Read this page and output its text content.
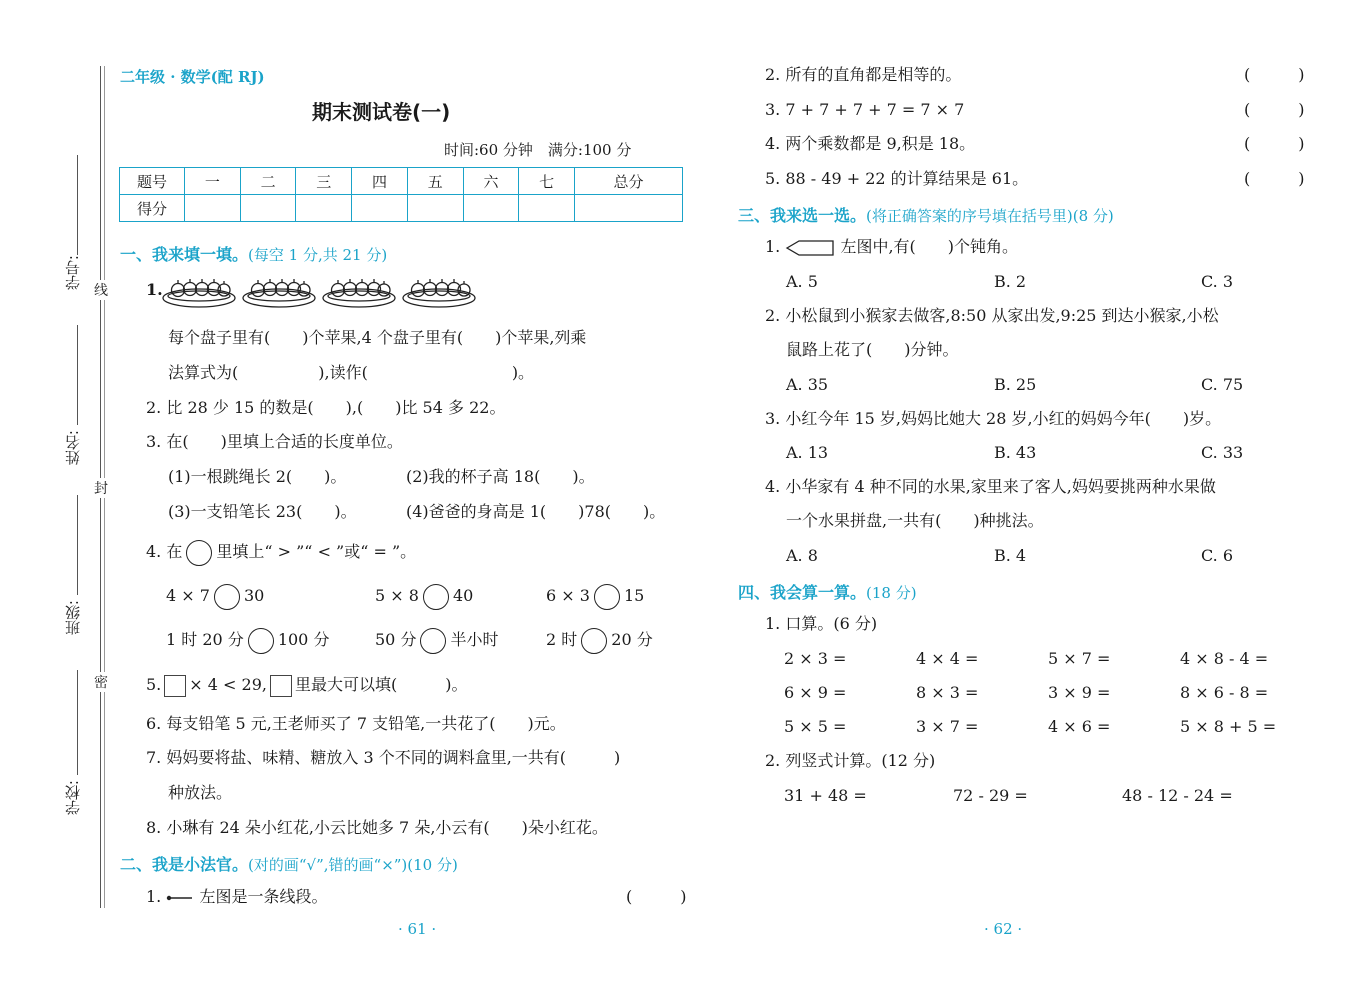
学号:
姓名:
班级:
学校:
线
封
密
二年级 · 数学(配 RJ)
期末测试卷(一)
时间:60 分钟　满分:100 分
题号	一	二	三	四	五	六	七	总分
得分								
一、我来填一填。(每空 1 分,共 21 分)
1.
每个盘子里有(　　)个苹果,4 个盘子里有(　　)个苹果,列乘
法算式为(　　　　　),读作(　　　　　　　　　)。
2. 比 28 少 15 的数是(　　),(　　)比 54 多 22。
3. 在(　　)里填上合适的长度单位。
(1)一根跳绳长 2(　　)。	(2)我的杯子高 18(　　)。
(3)一支铅笔长 23(　　)。	(4)爸爸的身高是 1(　　)78(　　)。
4. 在 里填上“ > ”“ < ”或“ = ”。
4 × 7 30	5 × 8 40	6 × 3 15
1 时 20 分 100 分	50 分 半小时	2 时 20 分
5. × 4 < 29, 里最大可以填(　　　)。
6. 每支铅笔 5 元,王老师买了 7 支铅笔,一共花了(　　)元。
7. 妈妈要将盐、味精、糖放入 3 个不同的调料盒里,一共有(　　　)
种放法。
8. 小琳有 24 朵小红花,小云比她多 7 朵,小云有(　　)朵小红花。
二、我是小法官。(对的画“√”,错的画“×”)(10 分)
1. 左图是一条线段。	(　　　)
· 61 ·
2. 所有的直角都是相等的。	(　　　)
3. 7 + 7 + 7 + 7 = 7 × 7	(　　　)
4. 两个乘数都是 9,积是 18。	(　　　)
5. 88 - 49 + 22 的计算结果是 61。	(　　　)
三、我来选一选。(将正确答案的序号填在括号里)(8 分)
1.	左图中,有(　　)个钝角。
A. 5	B. 2	C. 3
2. 小松鼠到小猴家去做客,8:50 从家出发,9:25 到达小猴家,小松
鼠路上花了(　　)分钟。
A. 35	B. 25	C. 75
3. 小红今年 15 岁,妈妈比她大 28 岁,小红的妈妈今年(　　)岁。
A. 13	B. 43	C. 33
4. 小华家有 4 种不同的水果,家里来了客人,妈妈要挑两种水果做
一个水果拼盘,一共有(　　)种挑法。
A. 8	B. 4	C. 6
四、我会算一算。(18 分)
1. 口算。(6 分)
2 × 3 =	4 × 4 =	5 × 7 =	4 × 8 - 4 =
6 × 9 =	8 × 3 =	3 × 9 =	8 × 6 - 8 =
5 × 5 =	3 × 7 =	4 × 6 =	5 × 8 + 5 =
2. 列竖式计算。(12 分)
31 + 48 =	72 - 29 =	48 - 12 - 24 =
· 62 ·
